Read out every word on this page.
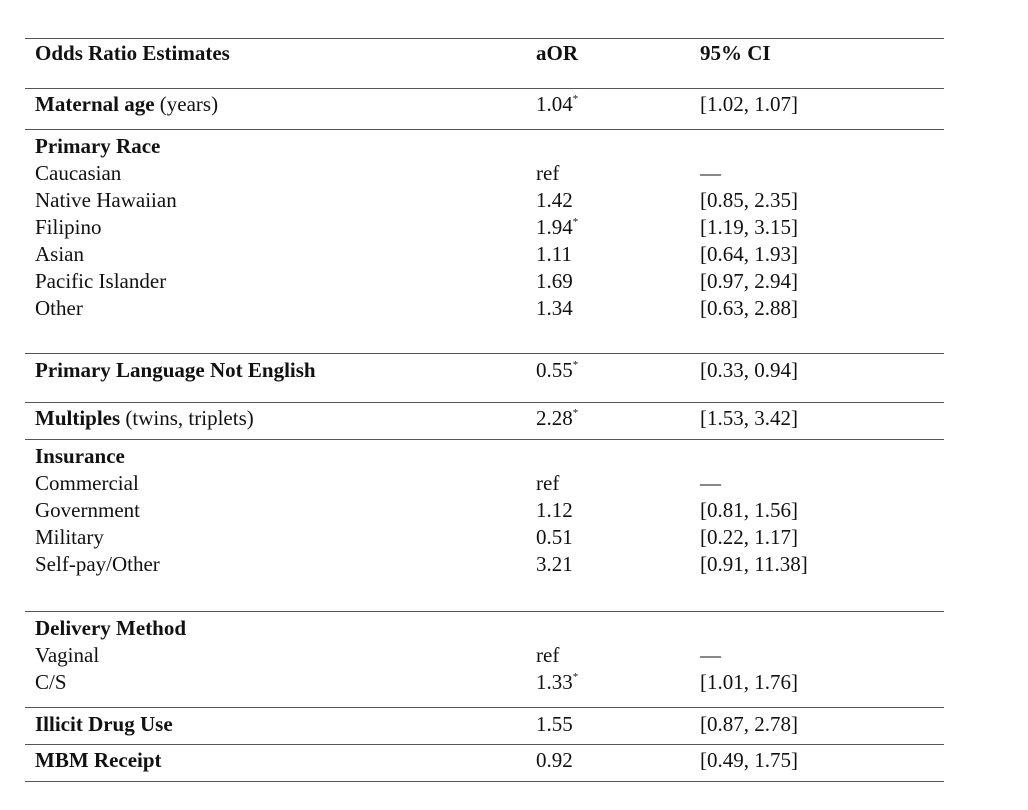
Odds Ratio Estimates	aOR	95% CI
Maternal age (years)	1.04*	[1.02, 1.07]
Primary Race
Caucasian	ref	—
Native Hawaiian	1.42	[0.85, 2.35]
Filipino	1.94*	[1.19, 3.15]
Asian	1.11	[0.64, 1.93]
Pacific Islander	1.69	[0.97, 2.94]
Other	1.34	[0.63, 2.88]
Primary Language Not English	0.55*	[0.33, 0.94]
Multiples (twins, triplets)	2.28*	[1.53, 3.42]
Insurance
Commercial	ref	—
Government	1.12	[0.81, 1.56]
Military	0.51	[0.22, 1.17]
Self-pay/Other	3.21	[0.91, 11.38]
Delivery Method
Vaginal	ref	—
C/S	1.33*	[1.01, 1.76]
Illicit Drug Use	1.55	[0.87, 2.78]
MBM Receipt	0.92	[0.49, 1.75]
